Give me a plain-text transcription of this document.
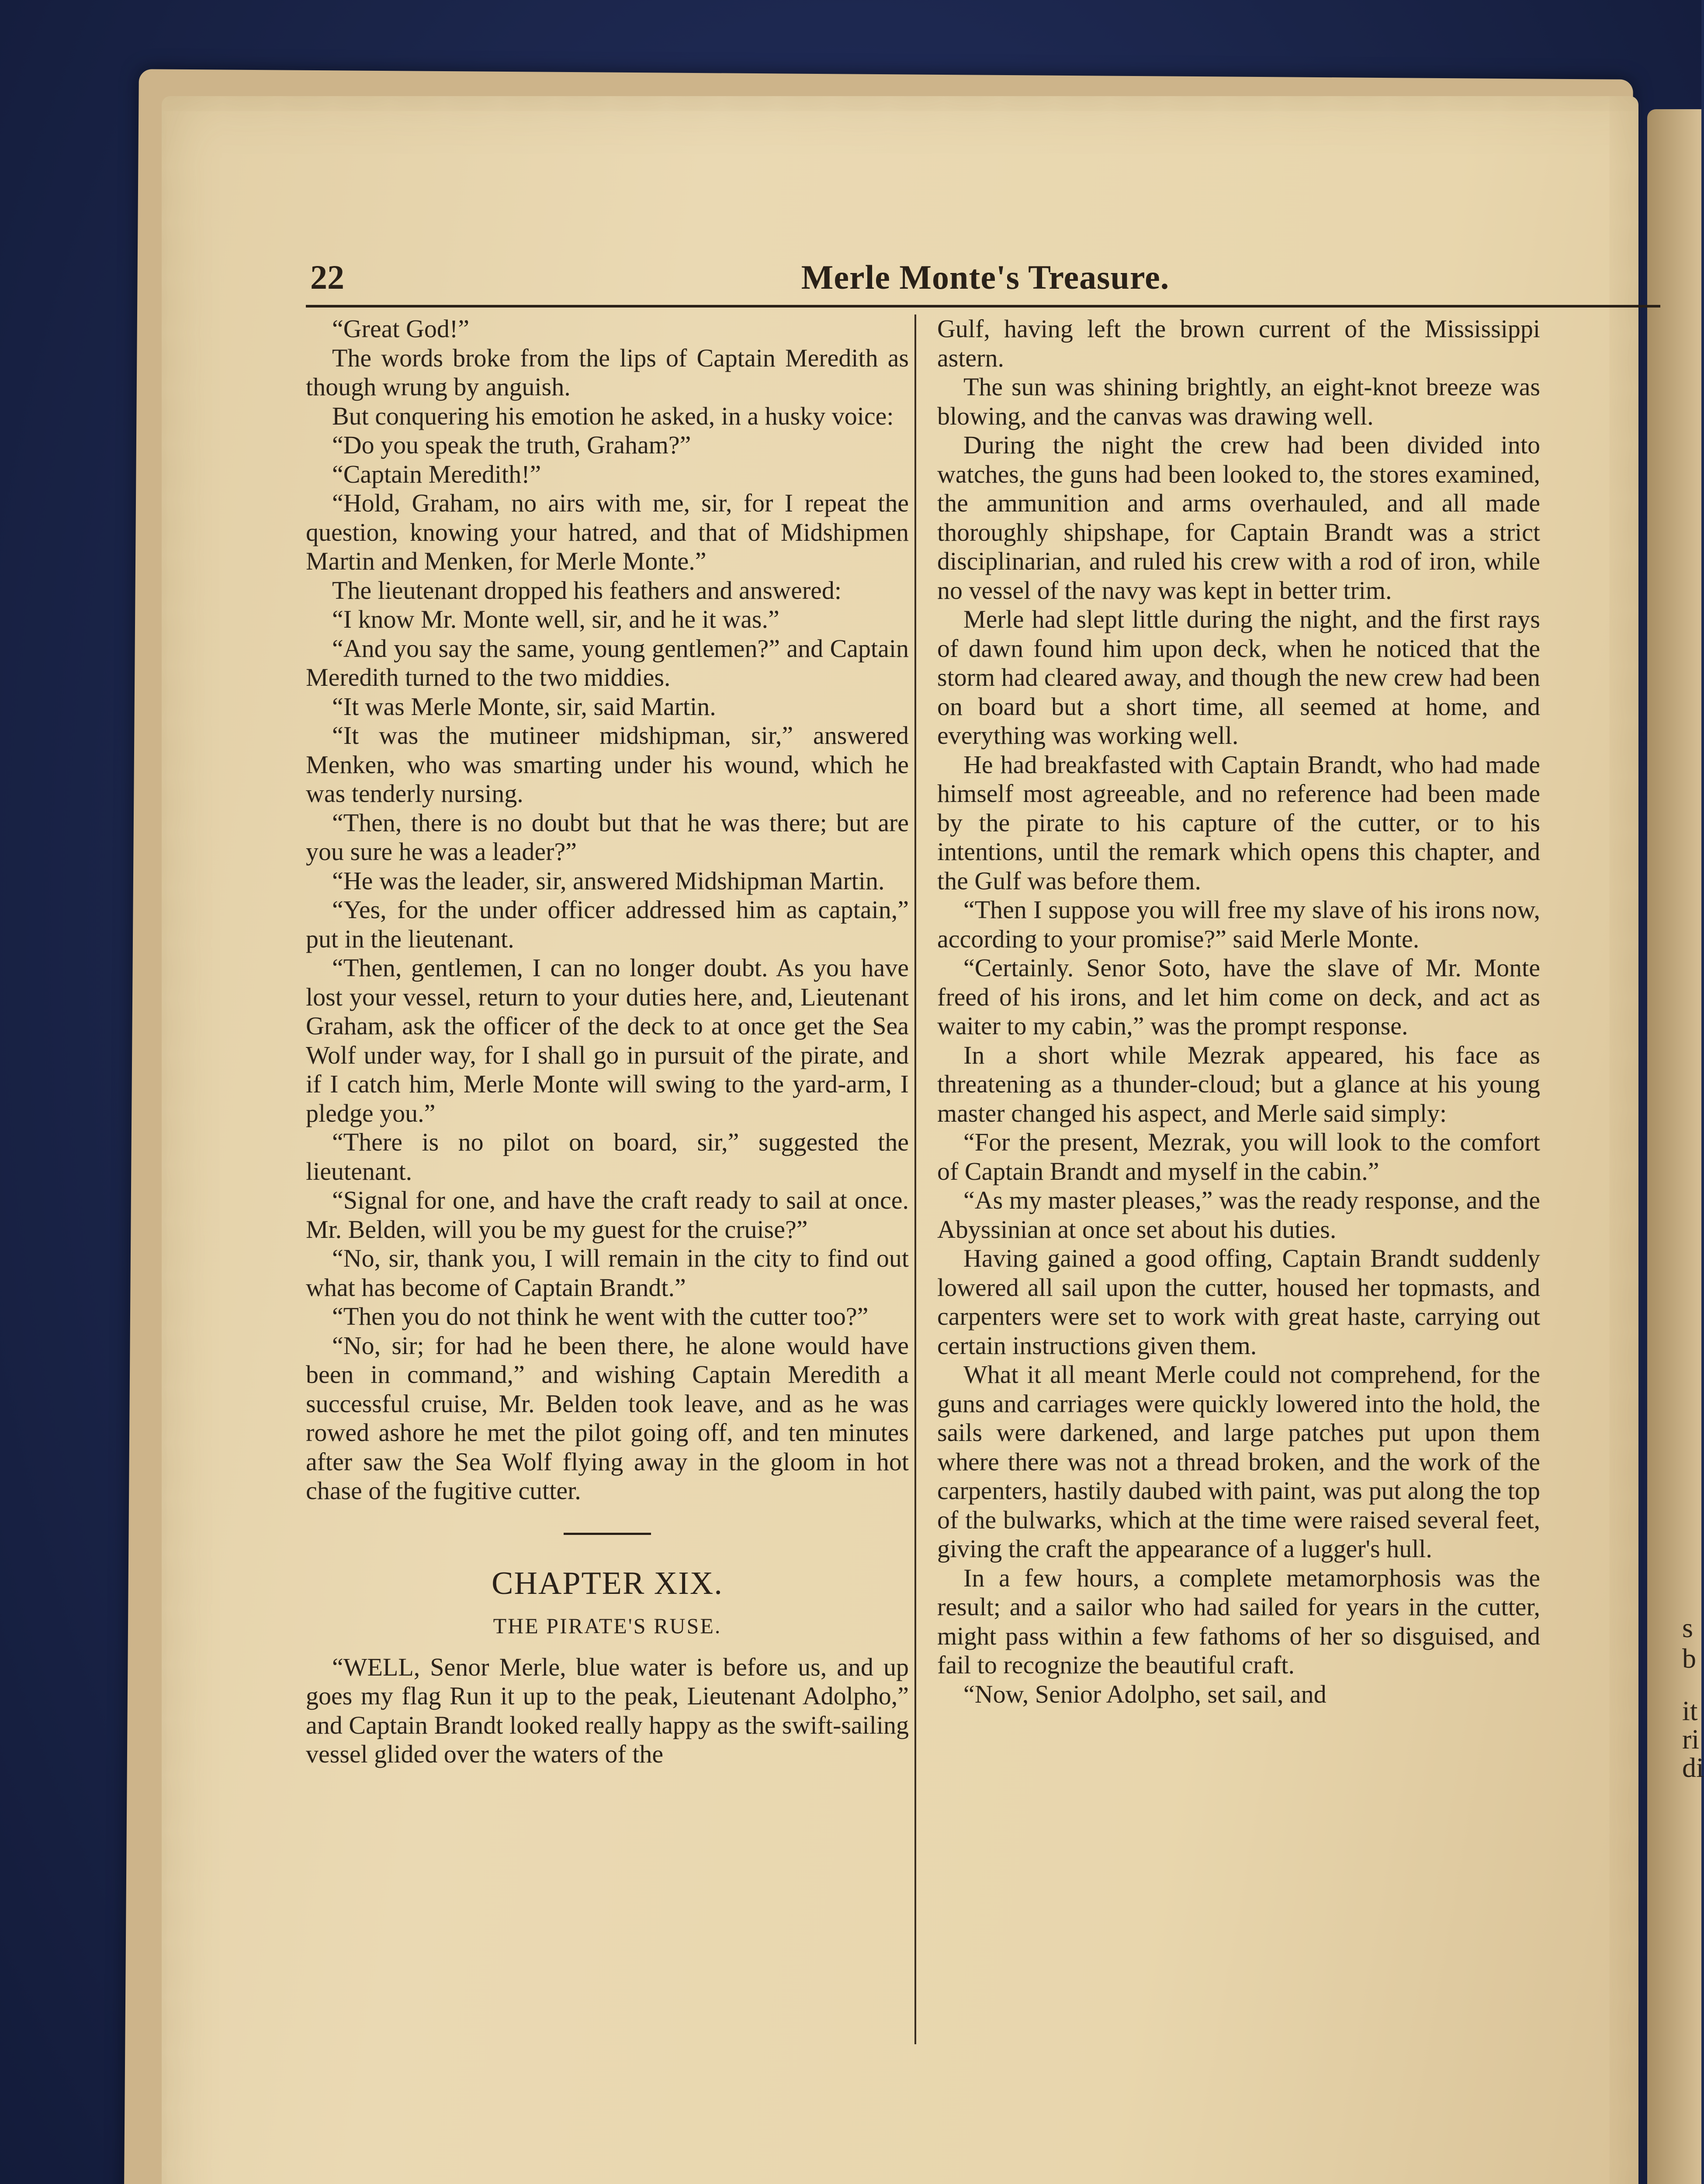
s
b
it
ri
di
22	Merle Monte's Treasure.

“Great God!”

The words broke from the lips of Captain Meredith as though wrung by anguish.

But conquering his emotion he asked, in a husky voice:

“Do you speak the truth, Graham?”

“Captain Meredith!”

“Hold, Graham, no airs with me, sir, for I repeat the question, knowing your hatred, and that of Midshipmen Martin and Menken, for Merle Monte.”

The lieutenant dropped his feathers and answered:

“I know Mr. Monte well, sir, and he it was.”

“And you say the same, young gentlemen?” and Captain Meredith turned to the two middies.

“It was Merle Monte, sir, said Martin.

“It was the mutineer midshipman, sir,” answered Menken, who was smarting under his wound, which he was tenderly nursing.

“Then, there is no doubt but that he was there; but are you sure he was a leader?”

“He was the leader, sir, answered Midshipman Martin.

“Yes, for the under officer addressed him as captain,” put in the lieutenant.

“Then, gentlemen, I can no longer doubt. As you have lost your vessel, return to your duties here, and, Lieutenant Graham, ask the officer of the deck to at once get the Sea Wolf under way, for I shall go in pursuit of the pirate, and if I catch him, Merle Monte will swing to the yard-arm, I pledge you.”

“There is no pilot on board, sir,” suggested the lieutenant.

“Signal for one, and have the craft ready to sail at once. Mr. Belden, will you be my guest for the cruise?”

“No, sir, thank you, I will remain in the city to find out what has become of Captain Brandt.”

“Then you do not think he went with the cutter too?”

“No, sir; for had he been there, he alone would have been in command,” and wishing Captain Meredith a successful cruise, Mr. Belden took leave, and as he was rowed ashore he met the pilot going off, and ten minutes after saw the Sea Wolf flying away in the gloom in hot chase of the fugitive cutter.

CHAPTER XIX.
THE PIRATE'S RUSE.

“WELL, Senor Merle, blue water is before us, and up goes my flag Run it up to the peak, Lieutenant Adolpho,” and Captain Brandt looked really happy as the swift-sailing vessel glided over the waters of the

Gulf, having left the brown current of the Mississippi astern.

The sun was shining brightly, an eight-knot breeze was blowing, and the canvas was drawing well.

During the night the crew had been divided into watches, the guns had been looked to, the stores examined, the ammunition and arms overhauled, and all made thoroughly shipshape, for Captain Brandt was a strict disciplinarian, and ruled his crew with a rod of iron, while no vessel of the navy was kept in better trim.

Merle had slept little during the night, and the first rays of dawn found him upon deck, when he noticed that the storm had cleared away, and though the new crew had been on board but a short time, all seemed at home, and everything was working well.

He had breakfasted with Captain Brandt, who had made himself most agreeable, and no reference had been made by the pirate to his capture of the cutter, or to his intentions, until the remark which opens this chapter, and the Gulf was before them.

“Then I suppose you will free my slave of his irons now, according to your promise?” said Merle Monte.

“Certainly. Senor Soto, have the slave of Mr. Monte freed of his irons, and let him come on deck, and act as waiter to my cabin,” was the prompt response.

In a short while Mezrak appeared, his face as threatening as a thunder-cloud; but a glance at his young master changed his aspect, and Merle said simply:

“For the present, Mezrak, you will look to the comfort of Captain Brandt and myself in the cabin.”

“As my master pleases,” was the ready response, and the Abyssinian at once set about his duties.

Having gained a good offing, Captain Brandt suddenly lowered all sail upon the cutter, housed her topmasts, and carpenters were set to work with great haste, carrying out certain instructions given them.

What it all meant Merle could not comprehend, for the guns and carriages were quickly lowered into the hold, the sails were darkened, and large patches put upon them where there was not a thread broken, and the work of the carpenters, hastily daubed with paint, was put along the top of the bulwarks, which at the time were raised several feet, giving the craft the appearance of a lugger's hull.

In a few hours, a complete metamorphosis was the result; and a sailor who had sailed for years in the cutter, might pass within a few fathoms of her so disguised, and fail to recognize the beautiful craft.

“Now, Senior Adolpho, set sail, and
